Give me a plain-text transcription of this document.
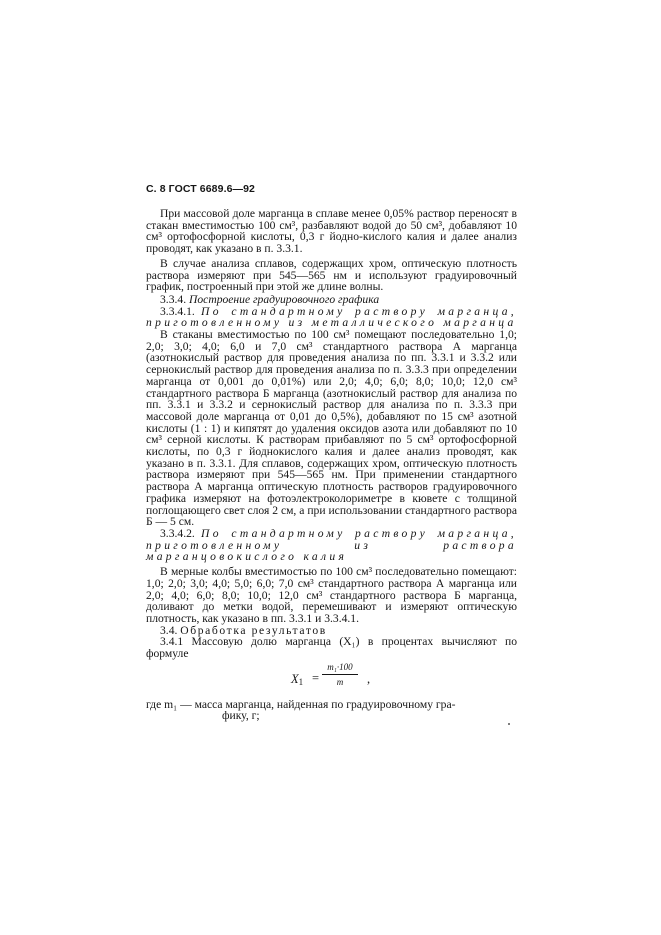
С. 8 ГОСТ 6689.6—92

При массовой доле марганца в сплаве менее 0,05% раствор переносят в стакан вместимостью 100 см³, разбавляют водой до 50 см³, добавляют 10 см³ ортофосфорной кислоты, 0,3 г йодно-кислого калия и далее анализ проводят, как указано в п. 3.3.1.

В случае анализа сплавов, содержащих хром, оптическую плотность раствора измеряют при 545—565 нм и используют градуировочный график, построенный при этой же длине волны.

3.3.4. Построение градуировочного графика

3.3.4.1. По стандартному раствору марганца, приготовленному из металлического марганца

В стаканы вместимостью по 100 см³ помещают последовательно 1,0; 2,0; 3,0; 4,0; 6,0 и 7,0 см³ стандартного раствора А марганца (азотнокислый раствор для проведения анализа по пп. 3.3.1 и 3.3.2 или сернокислый раствор для проведения анализа по п. 3.3.3 при определении марганца от 0,001 до 0,01%) или 2,0; 4,0; 6,0; 8,0; 10,0; 12,0 см³ стандартного раствора Б марганца (азотнокислый раствор для анализа по пп. 3.3.1 и 3.3.2 и сернокислый раствор для анализа по п. 3.3.3 при массовой доле марганца от 0,01 до 0,5%), добавляют по 15 см³ азотной кислоты (1 : 1) и кипятят до удаления оксидов азота или добавляют по 10 см³ серной кислоты. К растворам прибавляют по 5 см³ ортофосфорной кислоты, по 0,3 г йоднокислого калия и далее анализ проводят, как указано в п. 3.3.1. Для сплавов, содержащих хром, оптическую плотность раствора измеряют при 545—565 нм. При применении стандартного раствора А марганца оптическую плотность растворов градуировочного графика измеряют на фотоэлектроколориметре в кювете с толщиной поглощающего свет слоя 2 см, а при использовании стандартного раствора Б — 5 см.

3.3.4.2. По стандартному раствору марганца, приготовленному из раствора марганцовокислого калия

В мерные колбы вместимостью по 100 см³ последовательно помещают: 1,0; 2,0; 3,0; 4,0; 5,0; 6,0; 7,0 см³ стандартного раствора А марганца или 2,0; 4,0; 6,0; 8,0; 10,0; 12,0 см³ стандартного раствора Б марганца, доливают до метки водой, перемешивают и измеряют оптическую плотность, как указано в пп. 3.3.1 и 3.3.4.1.

3.4. Обработка результатов

3.4.1 Массовую долю марганца (X₁) в процентах вычисляют по формуле

$X_1 = \frac{\text{m₁·100}}{m}$ ,
где m₁ — масса марганца, найденная по градуировочному гра-
фику, г;
